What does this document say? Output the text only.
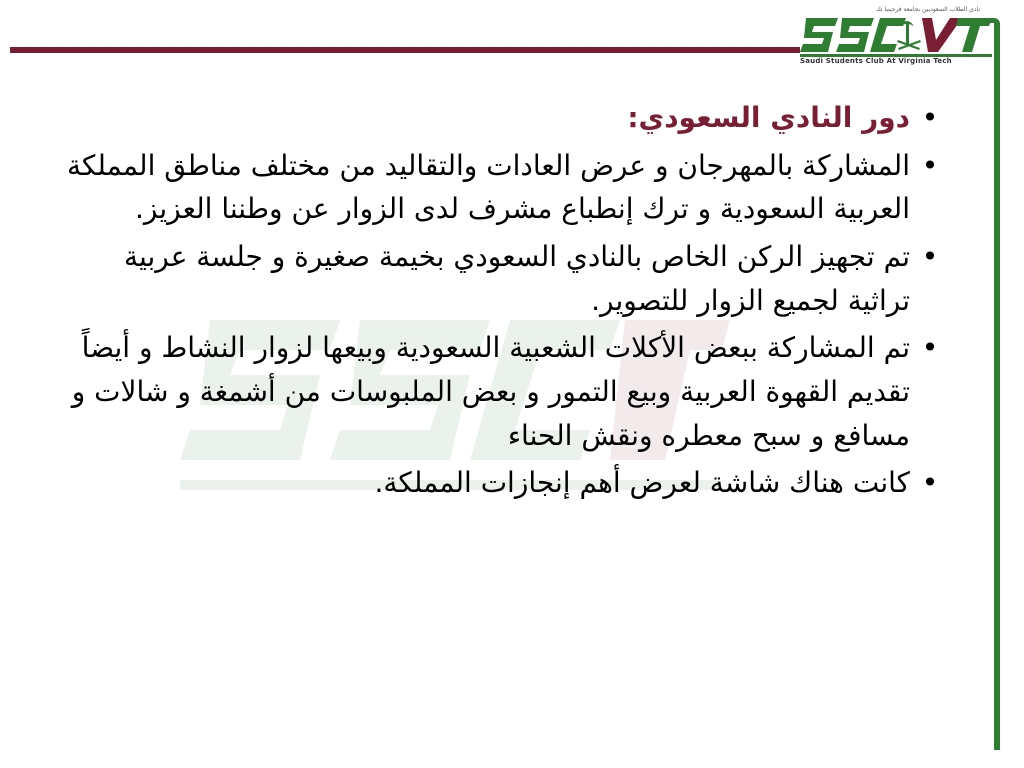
نادي الطلاب السعوديين بجامعة فرجينيا تك
Saudi Students Club At Virginia Tech
•
دور النادي السعودي:
•
المشاركة بالمهرجان و عرض العادات والتقاليد من مختلف مناطق المملكة العربية السعودية و ترك إنطباع مشرف لدى الزوار عن وطننا العزيز.
•
تم تجهيز الركن الخاص بالنادي السعودي بخيمة صغيرة و جلسة عربية تراثية لجميع الزوار للتصوير.
•
تم المشاركة ببعض الأكلات الشعبية السعودية وبيعها لزوار النشاط و أيضاً تقديم القهوة العربية وبيع التمور و بعض الملبوسات من أشمغة و شالات و مسافع و سبح معطره ونقش الحناء
•
كانت هناك شاشة لعرض أهم إنجازات المملكة.
